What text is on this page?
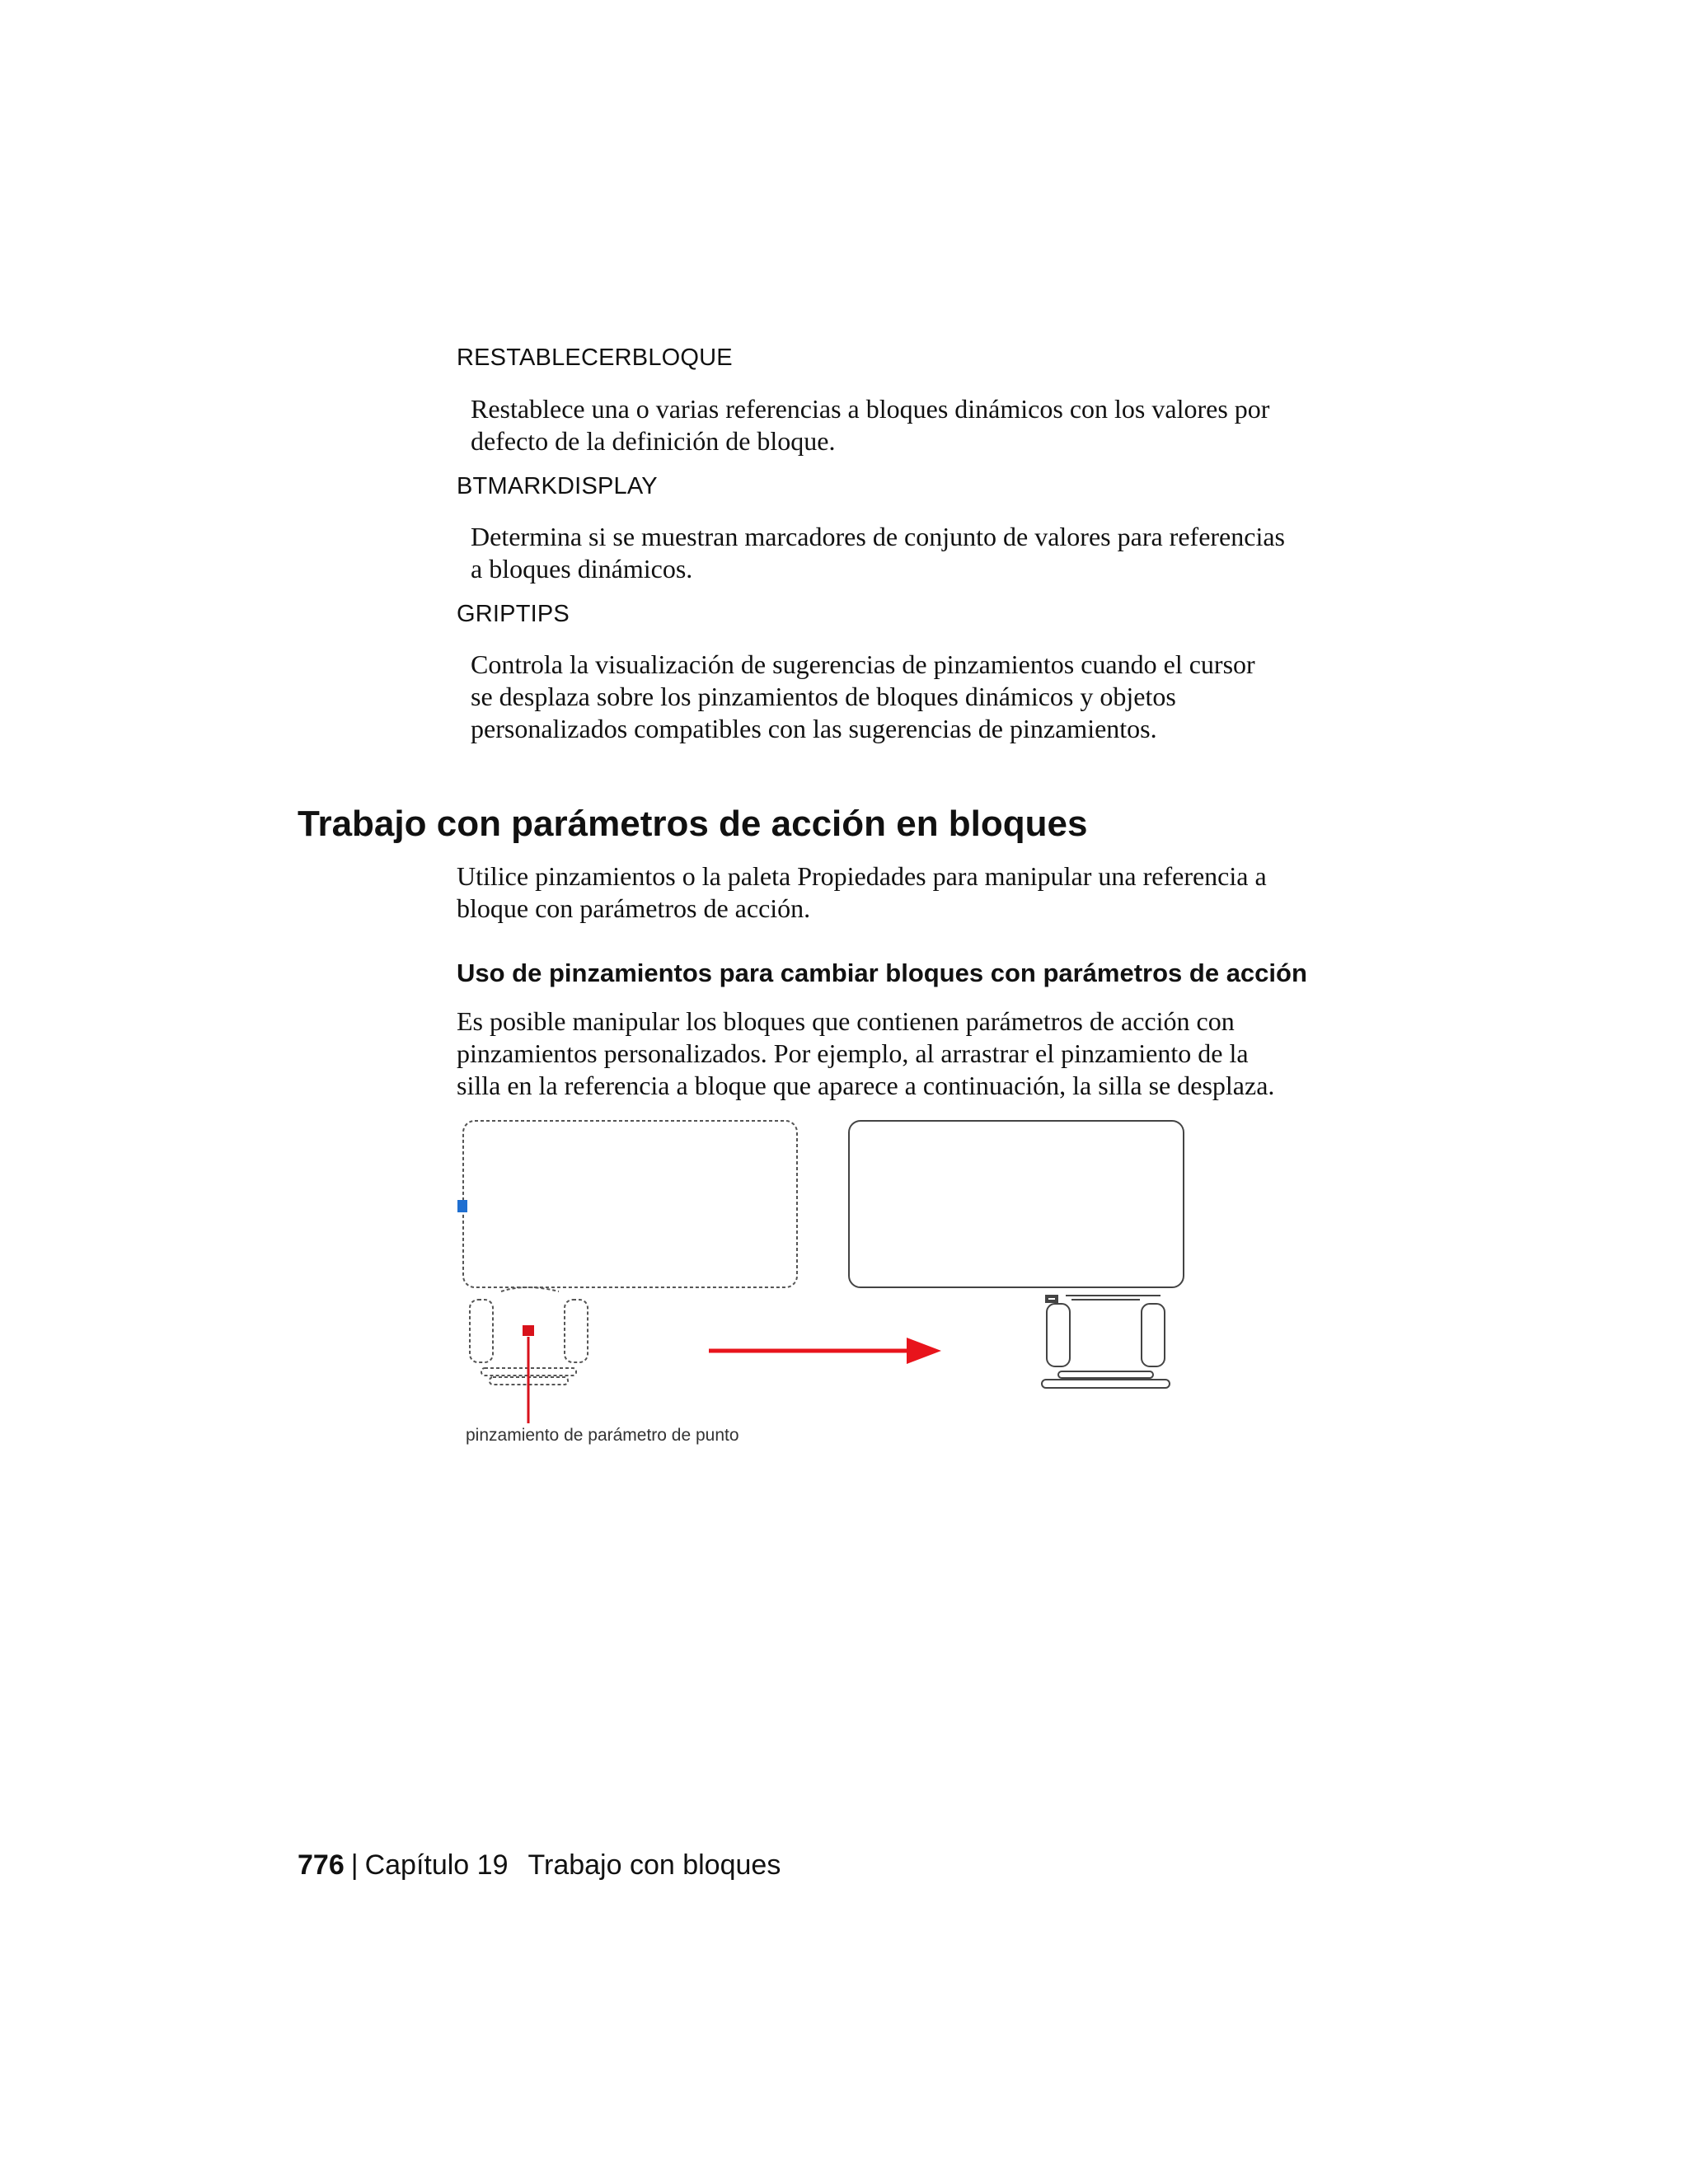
RESTABLECERBLOQUE
Restablece una o varias referencias a bloques dinámicos con los valores por
defecto de la definición de bloque.
BTMARKDISPLAY
Determina si se muestran marcadores de conjunto de valores para referencias
a bloques dinámicos.
GRIPTIPS
Controla la visualización de sugerencias de pinzamientos cuando el cursor
se desplaza sobre los pinzamientos de bloques dinámicos y objetos
personalizados compatibles con las sugerencias de pinzamientos.
Trabajo con parámetros de acción en bloques
Utilice pinzamientos o la paleta Propiedades para manipular una referencia a
bloque con parámetros de acción.
Uso de pinzamientos para cambiar bloques con parámetros de acción
Es posible manipular los bloques que contienen parámetros de acción con
pinzamientos personalizados. Por ejemplo, al arrastrar el pinzamiento de la
silla en la referencia a bloque que aparece a continuación, la silla se desplaza.
pinzamiento de parámetro de punto
776 | Capítulo 19 Trabajo con bloques
